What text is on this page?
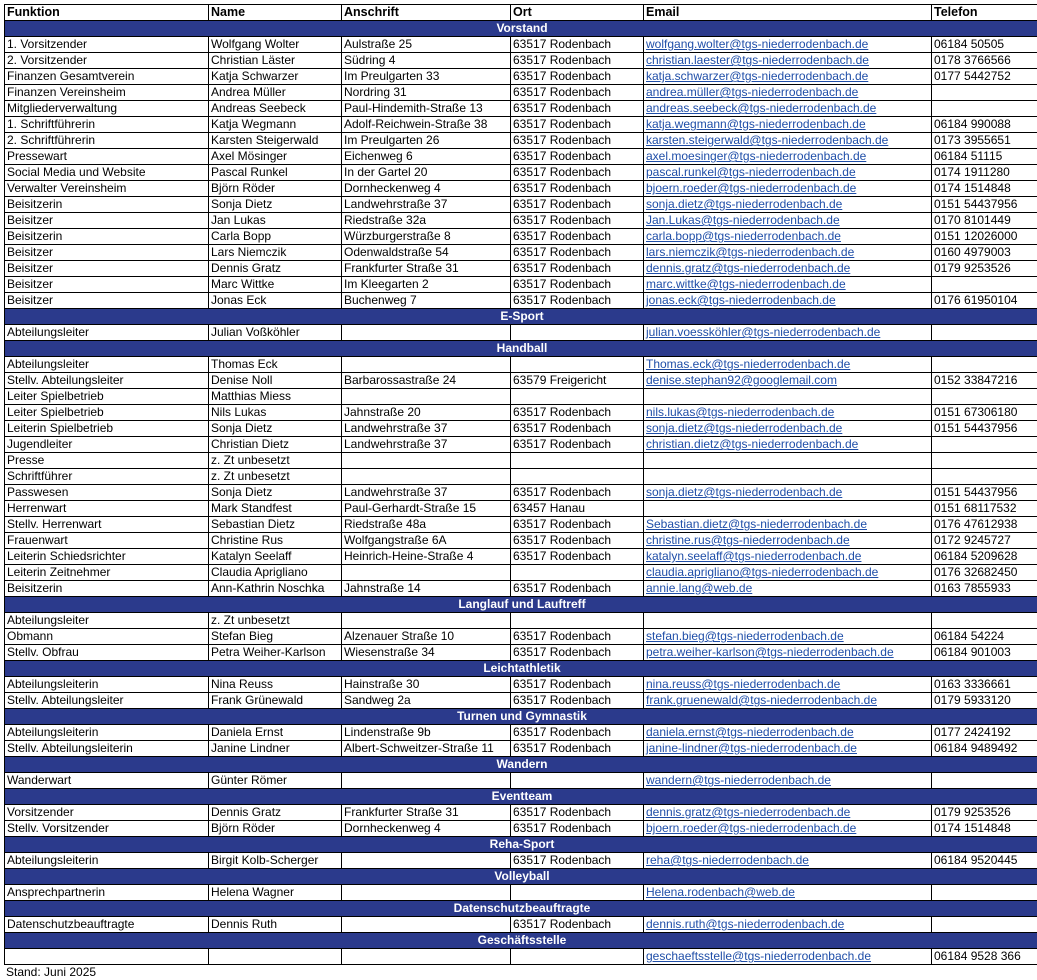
Funktion	Name	Anschrift	Ort	Email	Telefon
Vorstand					
1. Vorsitzender	Wolfgang Wolter	Aulstraße 25	63517 Rodenbach	wolfgang.wolter@tgs-niederrodenbach.de	06184 50505
2. Vorsitzender	Christian Läster	Südring 4	63517 Rodenbach	christian.laester@tgs-niederrodenbach.de	0178 3766566
Finanzen Gesamtverein	Katja Schwarzer	Im Preulgarten 33	63517 Rodenbach	katja.schwarzer@tgs-niederrodenbach.de	0177 5442752
Finanzen Vereinsheim	Andrea Müller	Nordring 31	63517 Rodenbach	andrea.müller@tgs-niederrodenbach.de	
Mitgliederverwaltung	Andreas Seebeck	Paul-Hindemith-Straße 13	63517 Rodenbach	andreas.seebeck@tgs-niederrodenbach.de	
1. Schriftführerin	Katja Wegmann	Adolf-Reichwein-Straße 38	63517 Rodenbach	katja.wegmann@tgs-niederrodenbach.de	06184 990088
2. Schriftführerin	Karsten Steigerwald	Im Preulgarten 26	63517 Rodenbach	karsten.steigerwald@tgs-niederrodenbach.de	0173 3955651
Pressewart	Axel Mösinger	Eichenweg 6	63517 Rodenbach	axel.moesinger@tgs-niederrodenbach.de	06184 51115
Social Media und Website	Pascal Runkel	In der Gartel 20	63517 Rodenbach	pascal.runkel@tgs-niederrodenbach.de	0174 1911280
Verwalter Vereinsheim	Björn Röder	Dornheckenweg 4	63517 Rodenbach	bjoern.roeder@tgs-niederrodenbach.de	0174 1514848
Beisitzerin	Sonja Dietz	Landwehrstraße 37	63517 Rodenbach	sonja.dietz@tgs-niederrodenbach.de	0151 54437956
Beisitzer	Jan Lukas	Riedstraße 32a	63517 Rodenbach	Jan.Lukas@tgs-niederrodenbach.de	0170 8101449
Beisitzerin	Carla Bopp	Würzburgerstraße 8	63517 Rodenbach	carla.bopp@tgs-niederrodenbach.de	0151 12026000
Beisitzer	Lars Niemczik	Odenwaldstraße 54	63517 Rodenbach	lars.niemczik@tgs-niederrodenbach.de	0160 4979003
Beisitzer	Dennis Gratz	Frankfurter Straße 31	63517 Rodenbach	dennis.gratz@tgs-niederrodenbach.de	0179 9253526
Beisitzer	Marc Wittke	Im Kleegarten 2	63517 Rodenbach	marc.wittke@tgs-niederrodenbach.de	
Beisitzer	Jonas Eck	Buchenweg 7	63517 Rodenbach	jonas.eck@tgs-niederrodenbach.de	0176 61950104
E-Sport					
Abteilungsleiter	Julian Voßköhler			julian.voessköhler@tgs-niederrodenbach.de	
Handball					
Abteilungsleiter	Thomas Eck			Thomas.eck@tgs-niederrodenbach.de	
Stellv. Abteilungsleiter	Denise Noll	Barbarossastraße 24	63579 Freigericht	denise.stephan92@googlemail.com	0152 33847216
Leiter Spielbetrieb	Matthias Miess				
Leiter Spielbetrieb	Nils Lukas	Jahnstraße 20	63517 Rodenbach	nils.lukas@tgs-niederrodenbach.de	0151 67306180
Leiterin Spielbetrieb	Sonja Dietz	Landwehrstraße 37	63517 Rodenbach	sonja.dietz@tgs-niederrodenbach.de	0151 54437956
Jugendleiter	Christian Dietz	Landwehrstraße 37	63517 Rodenbach	christian.dietz@tgs-niederrodenbach.de	
Presse	z. Zt unbesetzt				
Schriftführer	z. Zt unbesetzt				
Passwesen	Sonja Dietz	Landwehrstraße 37	63517 Rodenbach	sonja.dietz@tgs-niederrodenbach.de	0151 54437956
Herrenwart	Mark Standfest	Paul-Gerhardt-Straße 15	63457 Hanau		0151 68117532
Stellv. Herrenwart	Sebastian Dietz	Riedstraße 48a	63517 Rodenbach	Sebastian.dietz@tgs-niederrodenbach.de	0176 47612938
Frauenwart	Christine Rus	Wolfgangstraße 6A	63517 Rodenbach	christine.rus@tgs-niederrodenbach.de	0172 9245727
Leiterin Schiedsrichter	Katalyn Seelaff	Heinrich-Heine-Straße 4	63517 Rodenbach	katalyn.seelaff@tgs-niederrodenbach.de	06184 5209628
Leiterin Zeitnehmer	Claudia Aprigliano			claudia.aprigliano@tgs-niederrodenbach.de	0176 32682450
Beisitzerin	Ann-Kathrin Noschka	Jahnstraße 14	63517 Rodenbach	annie.lang@web.de	0163 7855933
Langlauf und Lauftreff					
Abteilungsleiter	z. Zt unbesetzt				
Obmann	Stefan Bieg	Alzenauer Straße 10	63517 Rodenbach	stefan.bieg@tgs-niederrodenbach.de	06184 54224
Stellv. Obfrau	Petra Weiher-Karlson	Wiesenstraße 34	63517 Rodenbach	petra.weiher-karlson@tgs-niederrodenbach.de	06184 901003
Leichtathletik					
Abteilungsleiterin	Nina Reuss	Hainstraße 30	63517 Rodenbach	nina.reuss@tgs-niederrodenbach.de	0163 3336661
Stellv. Abteilungsleiter	Frank Grünewald	Sandweg 2a	63517 Rodenbach	frank.gruenewald@tgs-niederrodenbach.de	0179 5933120
Turnen und Gymnastik					
Abteilungsleiterin	Daniela Ernst	Lindenstraße 9b	63517 Rodenbach	daniela.ernst@tgs-niederrodenbach.de	0177 2424192
Stellv. Abteilungsleiterin	Janine Lindner	Albert-Schweitzer-Straße 11	63517 Rodenbach	janine-lindner@tgs-niederrodenbach.de	06184 9489492
Wandern					
Wanderwart	Günter Römer			wandern@tgs-niederrodenbach.de	
Eventteam					
Vorsitzender	Dennis Gratz	Frankfurter Straße 31	63517 Rodenbach	dennis.gratz@tgs-niederrodenbach.de	0179 9253526
Stellv. Vorsitzender	Björn Röder	Dornheckenweg 4	63517 Rodenbach	bjoern.roeder@tgs-niederrodenbach.de	0174 1514848
Reha-Sport					
Abteilungsleiterin	Birgit Kolb-Scherger		63517 Rodenbach	reha@tgs-niederrodenbach.de	06184 9520445
Volleyball					
Ansprechpartnerin	Helena Wagner			Helena.rodenbach@web.de	
Datenschutzbeauftragte					
Datenschutzbeauftragte	Dennis Ruth		63517 Rodenbach	dennis.ruth@tgs-niederrodenbach.de	
Geschäftsstelle					
				geschaeftsstelle@tgs-niederrodenbach.de	06184 9528 366
Stand: Juni 2025
